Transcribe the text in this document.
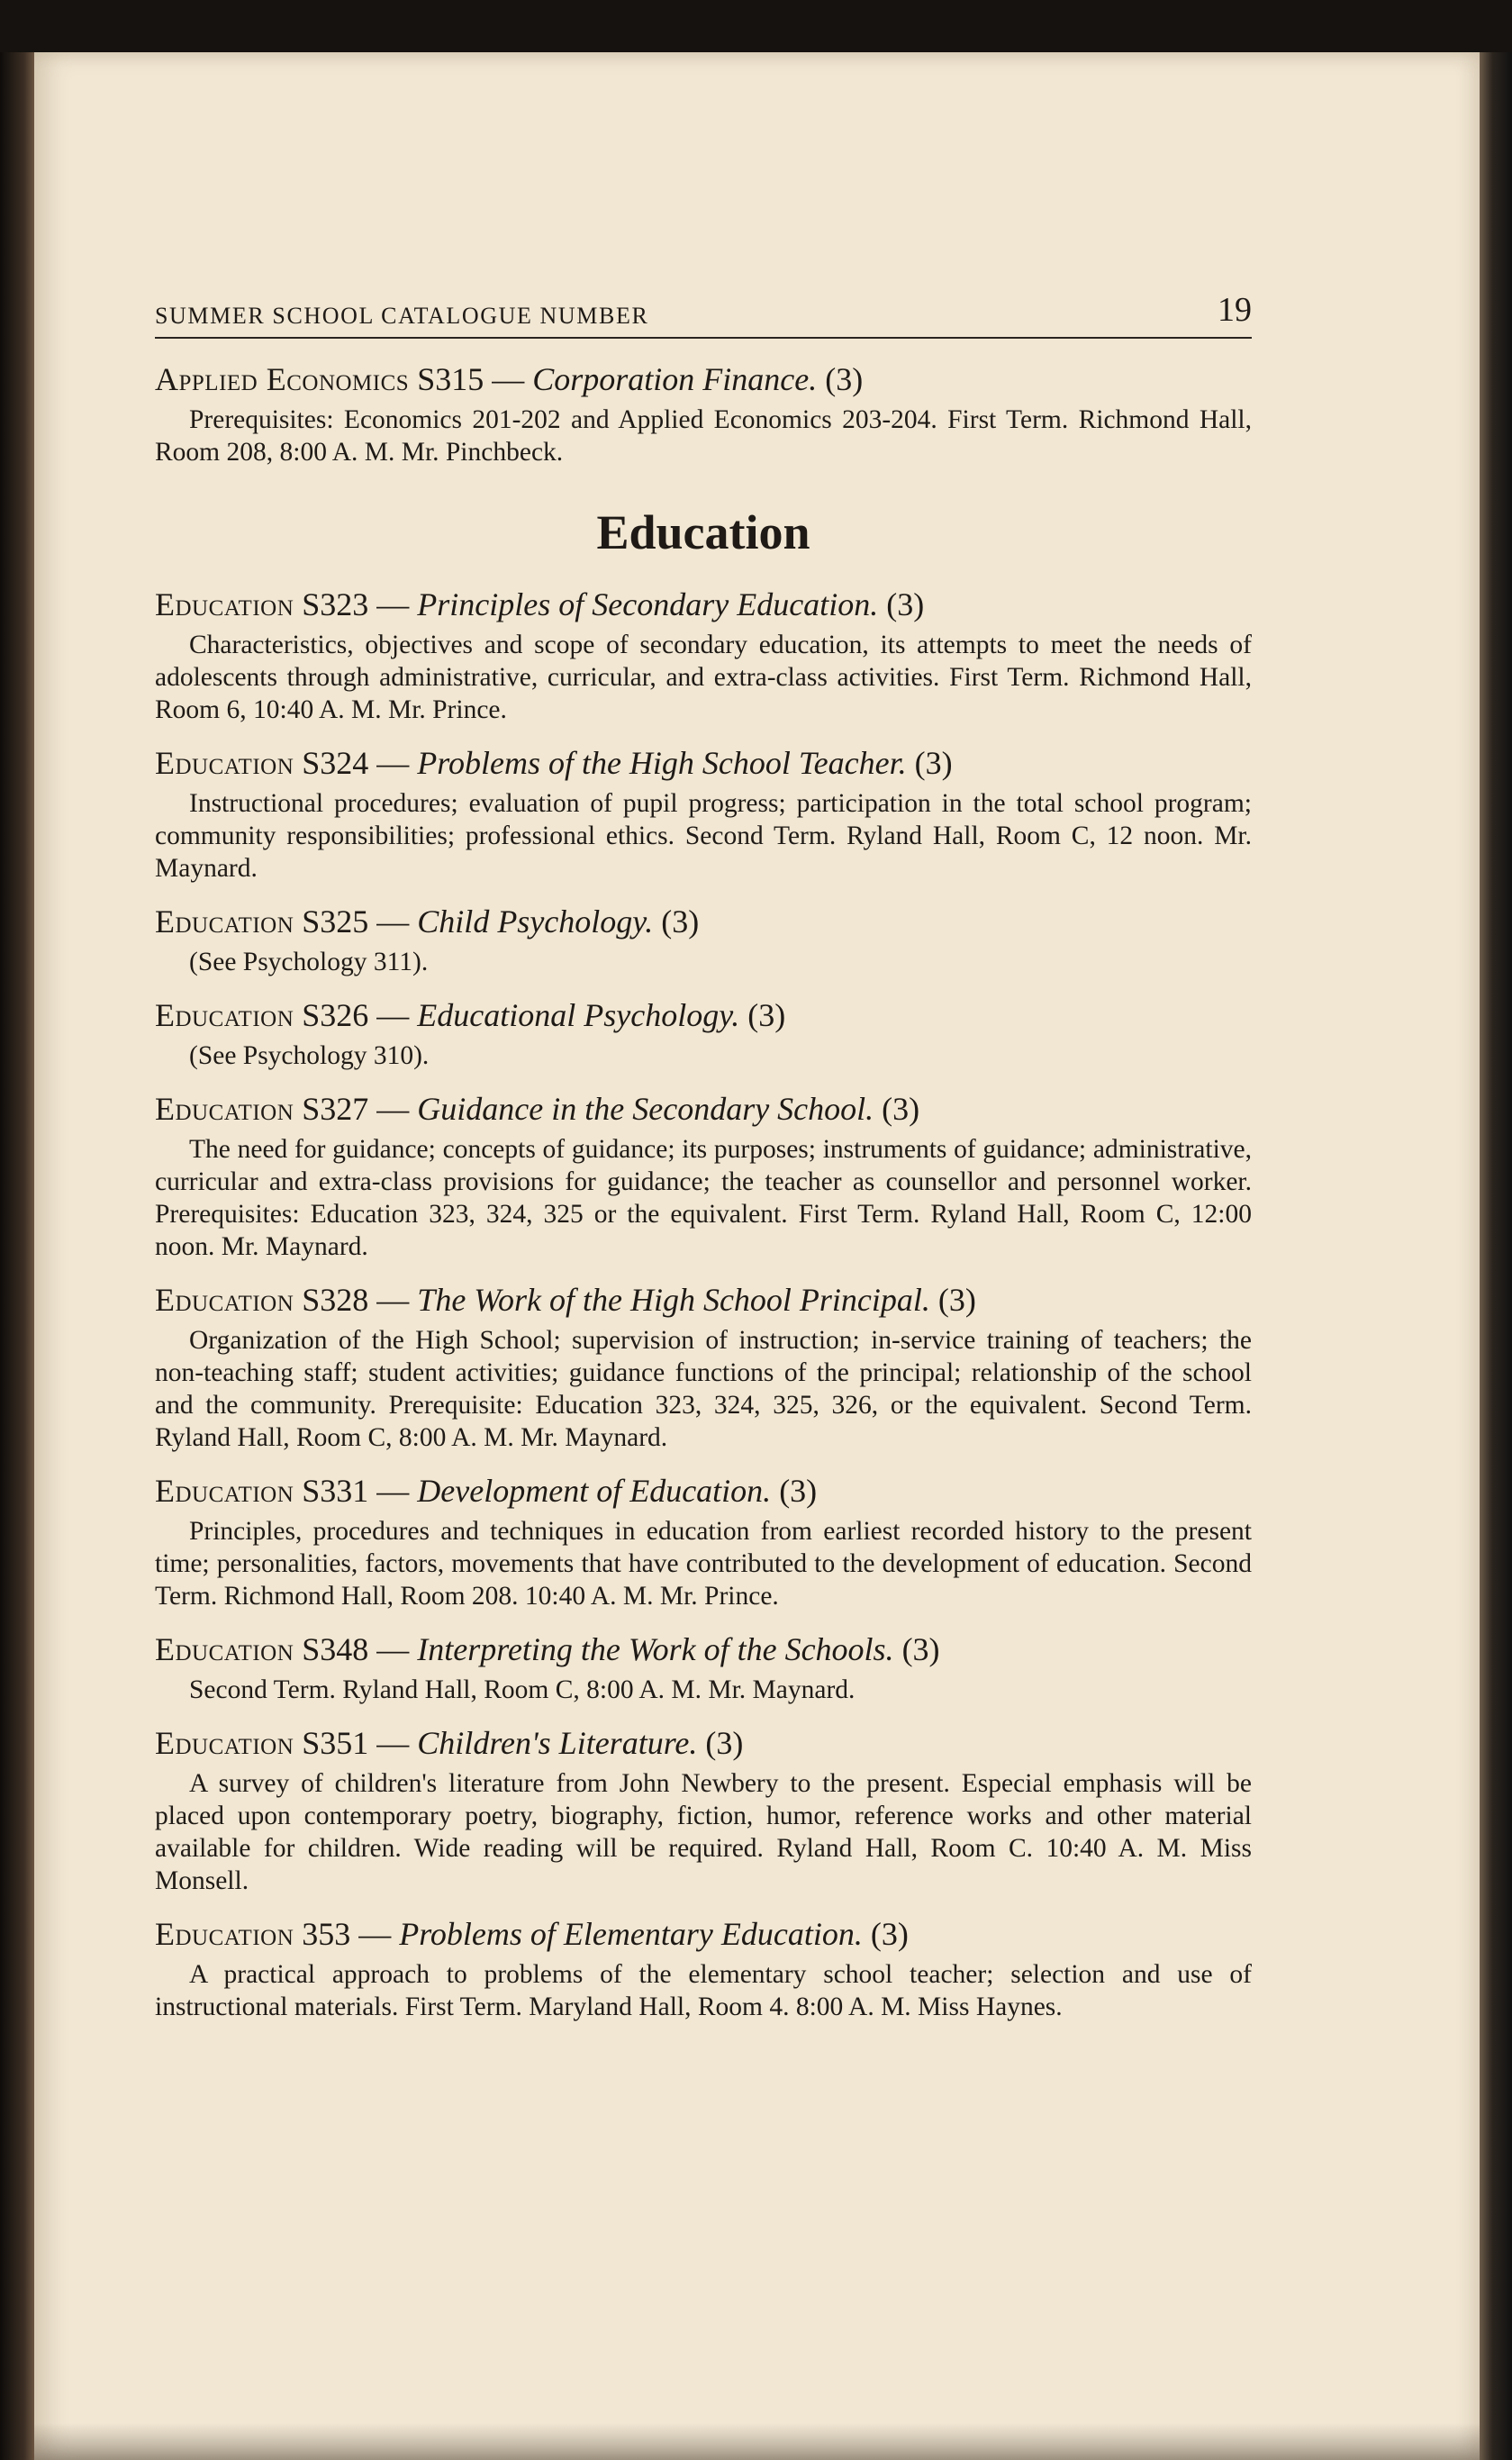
SUMMER SCHOOL CATALOGUE NUMBER	19
Applied Economics S315 — Corporation Finance. (3)
Prerequisites: Economics 201-202 and Applied Economics 203-204. First Term. Richmond Hall, Room 208, 8:00 A. M. Mr. Pinchbeck.
Education
Education S323 — Principles of Secondary Education. (3)
Characteristics, objectives and scope of secondary education, its attempts to meet the needs of adolescents through administrative, curricular, and extra-class activities. First Term. Richmond Hall, Room 6, 10:40 A. M. Mr. Prince.
Education S324 — Problems of the High School Teacher. (3)
Instructional procedures; evaluation of pupil progress; participation in the total school program; community responsibilities; professional ethics. Second Term. Ryland Hall, Room C, 12 noon. Mr. Maynard.
Education S325 — Child Psychology. (3)
(See Psychology 311).
Education S326 — Educational Psychology. (3)
(See Psychology 310).
Education S327 — Guidance in the Secondary School. (3)
The need for guidance; concepts of guidance; its purposes; instruments of guidance; administrative, curricular and extra-class provisions for guidance; the teacher as counsellor and personnel worker. Prerequisites: Education 323, 324, 325 or the equivalent. First Term. Ryland Hall, Room C, 12:00 noon. Mr. Maynard.
Education S328 — The Work of the High School Principal. (3)
Organization of the High School; supervision of instruction; in-service training of teachers; the non-teaching staff; student activities; guidance functions of the principal; relationship of the school and the community. Prerequisite: Education 323, 324, 325, 326, or the equivalent. Second Term. Ryland Hall, Room C, 8:00 A. M. Mr. Maynard.
Education S331 — Development of Education. (3)
Principles, procedures and techniques in education from earliest recorded history to the present time; personalities, factors, movements that have contributed to the development of education. Second Term. Richmond Hall, Room 208. 10:40 A. M. Mr. Prince.
Education S348 — Interpreting the Work of the Schools. (3)
Second Term. Ryland Hall, Room C, 8:00 A. M. Mr. Maynard.
Education S351 — Children's Literature. (3)
A survey of children's literature from John Newbery to the present. Especial emphasis will be placed upon contemporary poetry, biography, fiction, humor, reference works and other material available for children. Wide reading will be required. Ryland Hall, Room C. 10:40 A. M. Miss Monsell.
Education 353 — Problems of Elementary Education. (3)
A practical approach to problems of the elementary school teacher; selection and use of instructional materials. First Term. Maryland Hall, Room 4. 8:00 A. M. Miss Haynes.
